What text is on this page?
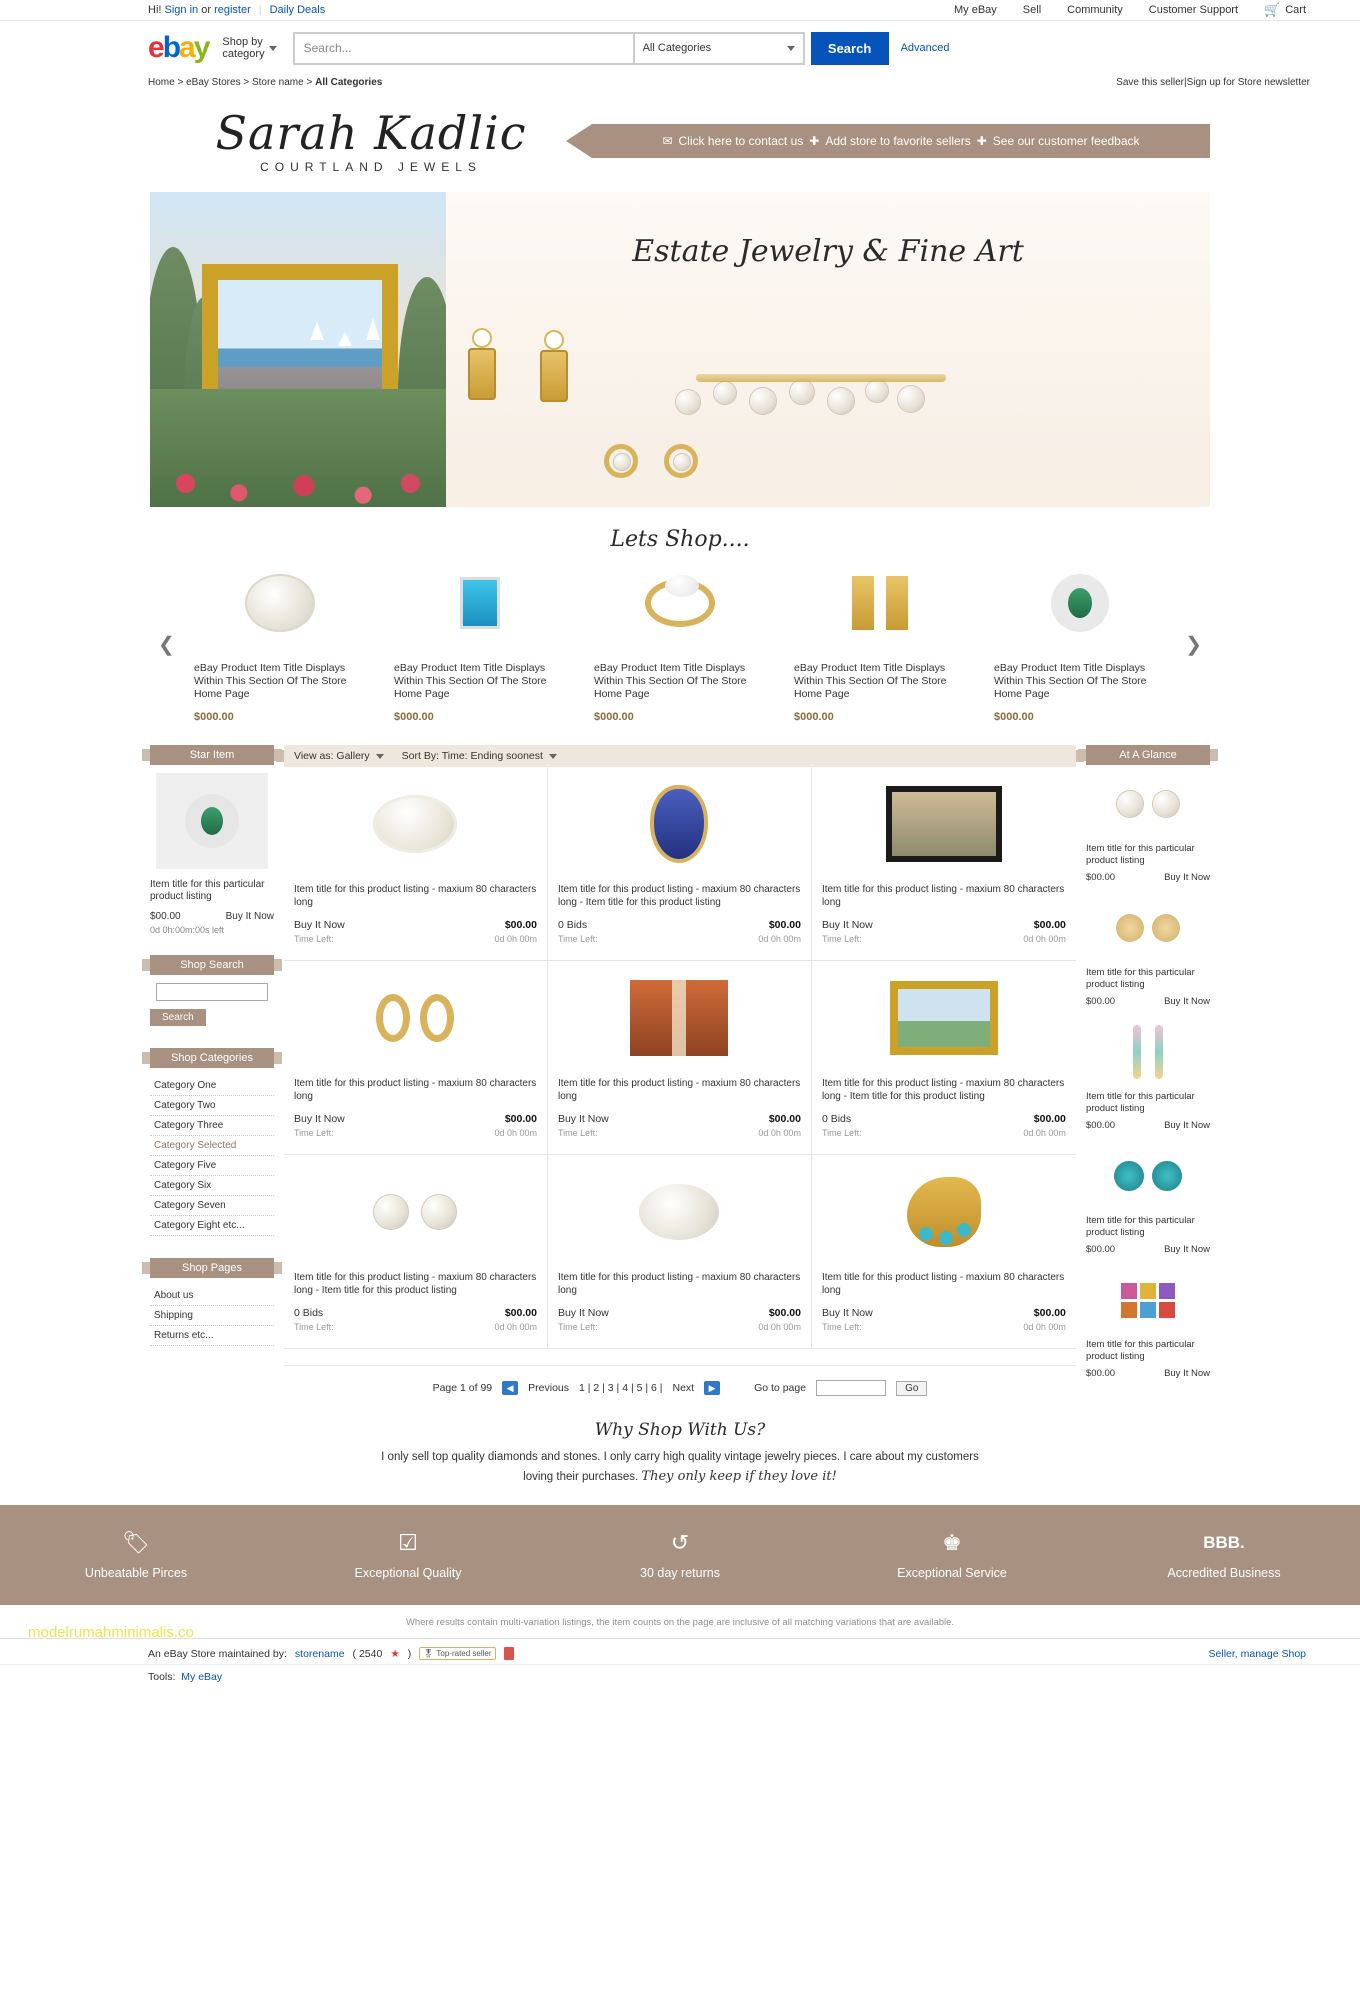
Hi!
Sign in
or
register | Daily Deals	My eBay Sell Community Customer Support 🛒 Cart
ebay Shop by
category	Search...	All Categories	Search	Advanced
Home > eBay Stores > Store name > All Categories	Save this seller|Sign up for Store newsletter
Sarah Kadlic
COURTLAND JEWELS
✉ Click here to contact us ✚ Add store to favorite sellers ✚ See our customer feedback
Estate Jewelry & Fine Art
Lets Shop....
❮	❯
eBay Product Item Title Displays Within This Section Of The Store Home Page
$000.00
eBay Product Item Title Displays Within This Section Of The Store Home Page
$000.00
eBay Product Item Title Displays Within This Section Of The Store Home Page
$000.00
eBay Product Item Title Displays Within This Section Of The Store Home Page
$000.00
eBay Product Item Title Displays Within This Section Of The Store Home Page
$000.00
Star Item
Item title for this particular product listing
$00.00	Buy It Now
0d 0h:00m:00s left
Shop Search
Search
Shop Categories
Category One
Category Two
Category Three
Category Selected
Category Five
Category Six
Category Seven
Category Eight etc...
Shop Pages
About us
Shipping
Returns etc...
View as: Gallery	Sort By: Time: Ending soonest
Item title for this product listing - maxium 80 characters long
Buy It Now	$00.00
Time Left:	0d 0h 00m
Item title for this product listing - maxium 80 characters long - Item title for this product listing
0 Bids	$00.00
Time Left:	0d 0h 00m
Item title for this product listing - maxium 80 characters long
Buy It Now	$00.00
Time Left:	0d 0h 00m
Item title for this product listing - maxium 80 characters long
Buy It Now	$00.00
Time Left:	0d 0h 00m
Item title for this product listing - maxium 80 characters long
Buy It Now	$00.00
Time Left:	0d 0h 00m
Item title for this product listing - maxium 80 characters long - Item title for this product listing
0 Bids	$00.00
Time Left:	0d 0h 00m
Item title for this product listing - maxium 80 characters long - Item title for this product listing
0 Bids	$00.00
Time Left:	0d 0h 00m
Item title for this product listing - maxium 80 characters long
Buy It Now	$00.00
Time Left:	0d 0h 00m
Item title for this product listing - maxium 80 characters long
Buy It Now	$00.00
Time Left:	0d 0h 00m
Page 1 of 99	◀	Previous 1 | 2 | 3 | 4 | 5 | 6 | Next	▶	Go to page	Go
At A Glance
Item title for this particular product listing
$00.00	Buy It Now
Item title for this particular product listing
$00.00	Buy It Now
Item title for this particular product listing
$00.00	Buy It Now
Item title for this particular product listing
$00.00	Buy It Now
Item title for this particular product listing
$00.00	Buy It Now
Why Shop With Us?

I only sell top quality diamonds and stones. I only carry high quality vintage jewelry pieces. I care about my customers

loving their purchases. They only keep if they love it!

🏷
Unbeatable Pirces
☑
Exceptional Quality
↺
30 day returns
♚
Exceptional Service
BBB.
Accredited Business
Where results contain multi-variation listings, the item counts on the page are inclusive of all matching variations that are available.
An eBay Store maintained by: storename ( 2540 ★ ) 🎖 Top-rated seller	Seller, manage Shop
Tools: My eBay
modelrumahminimalis.co
